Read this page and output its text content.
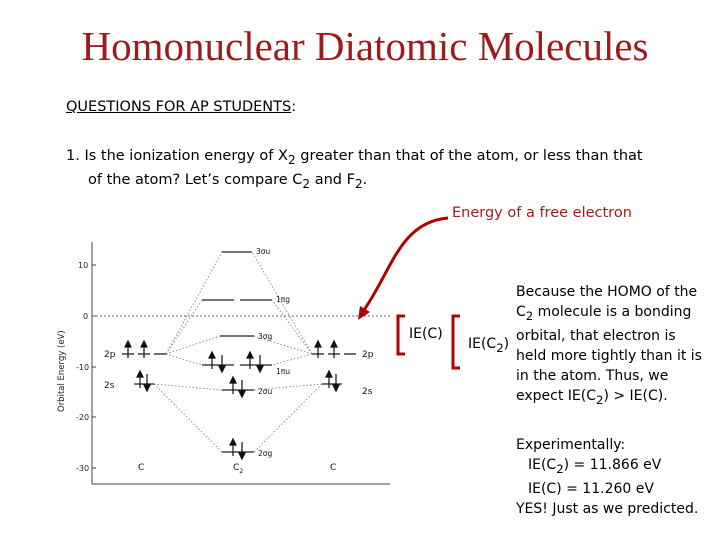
Homonuclear Diatomic Molecules
QUESTIONS FOR AP STUDENTS:
1. Is the ionization energy of $X_2$ greater than that of the atom, or less than that
of the atom? Let’s compare $C_2$ and $F_2$.
Energy of a free electron
10
0
-10
-20
-30
Orbital Energy (eV)	2p
2s
2p
2s
3σu
1πg
3σg
1πu
2σu
2σg
C	C
$C_2$
IE(C)
$IE(C_2)$
Because the HOMO of the
$C_2$ molecule is a bonding
orbital, that electron is
held more tightly than it is
in the atom. Thus, we
expect $IE(C_2) > IE(C)$.
Experimentally:
$IE(C_2) = 11.866$ eV
IE(C) = 11.260 eV
YES! Just as we predicted.
